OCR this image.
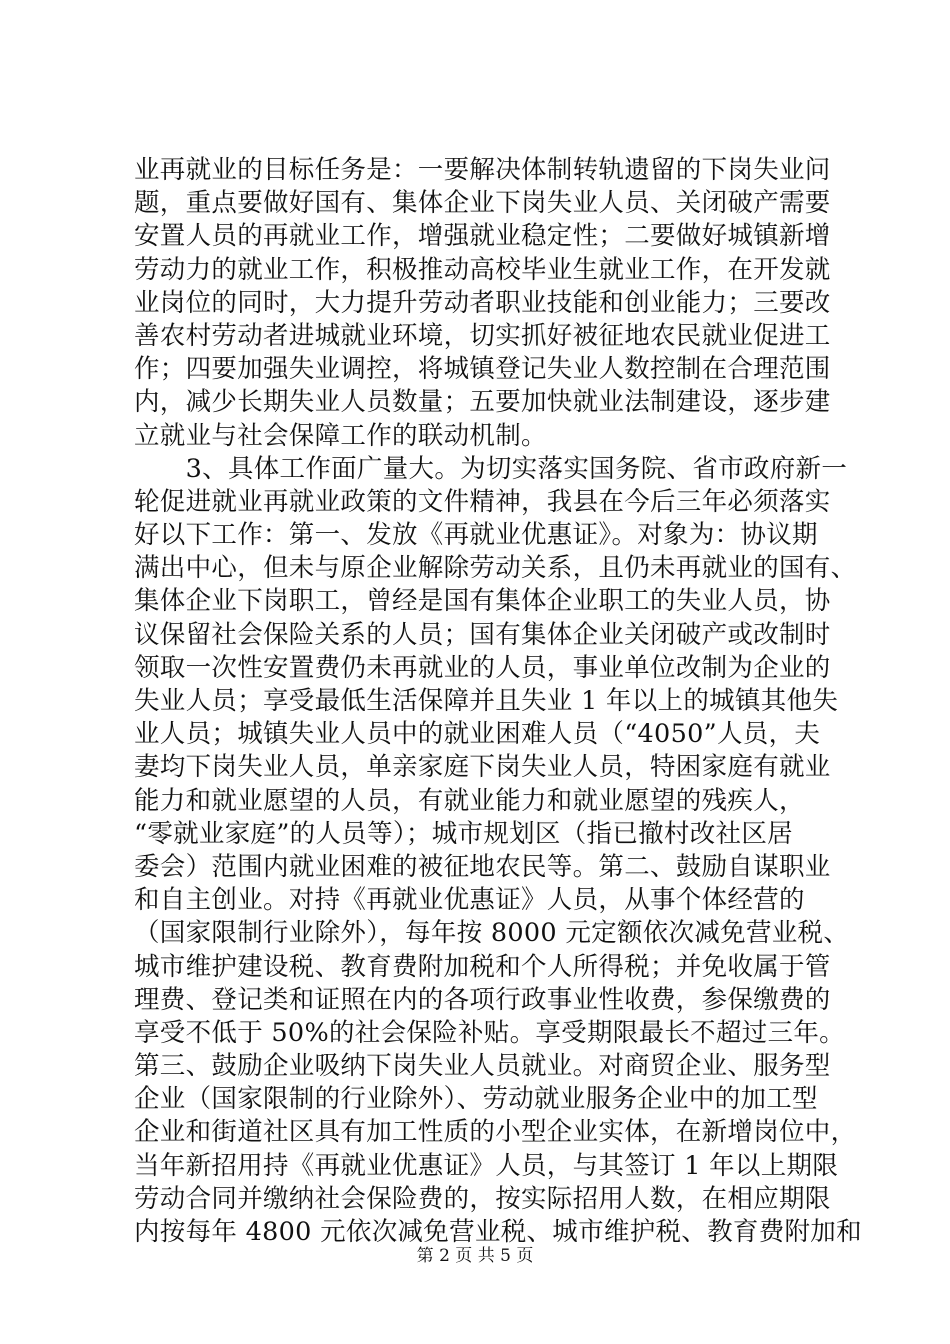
业再就业的目标任务是：一要解决体制转轨遗留的下岗失业问
题，重点要做好国有、集体企业下岗失业人员、关闭破产需要
安置人员的再就业工作，增强就业稳定性；二要做好城镇新增
劳动力的就业工作，积极推动高校毕业生就业工作，在开发就
业岗位的同时，大力提升劳动者职业技能和创业能力；三要改
善农村劳动者进城就业环境，切实抓好被征地农民就业促进工
作；四要加强失业调控，将城镇登记失业人数控制在合理范围
内，减少长期失业人员数量；五要加快就业法制建设，逐步建
立就业与社会保障工作的联动机制。
　　3、具体工作面广量大。为切实落实国务院、省市政府新一
轮促进就业再就业政策的文件精神，我县在今后三年必须落实
好以下工作：第一、发放《再就业优惠证》。对象为：协议期
满出中心，但未与原企业解除劳动关系，且仍未再就业的国有、
集体企业下岗职工，曾经是国有集体企业职工的失业人员，协
议保留社会保险关系的人员；国有集体企业关闭破产或改制时
领取一次性安置费仍未再就业的人员，事业单位改制为企业的
失业人员；享受最低生活保障并且失业 1 年以上的城镇其他失
业人员；城镇失业人员中的就业困难人员（“4050”人员，夫
妻均下岗失业人员，单亲家庭下岗失业人员，特困家庭有就业
能力和就业愿望的人员，有就业能力和就业愿望的残疾人，
“零就业家庭”的人员等）；城市规划区（指已撤村改社区居
委会）范围内就业困难的被征地农民等。第二、鼓励自谋职业
和自主创业。对持《再就业优惠证》人员，从事个体经营的
（国家限制行业除外），每年按 8000 元定额依次减免营业税、
城市维护建设税、教育费附加税和个人所得税；并免收属于管
理费、登记类和证照在内的各项行政事业性收费，参保缴费的
享受不低于 50%的社会保险补贴。享受期限最长不超过三年。
第三、鼓励企业吸纳下岗失业人员就业。对商贸企业、服务型
企业（国家限制的行业除外）、劳动就业服务企业中的加工型
企业和街道社区具有加工性质的小型企业实体，在新增岗位中，
当年新招用持《再就业优惠证》人员，与其签订 1 年以上期限
劳动合同并缴纳社会保险费的，按实际招用人数，在相应期限
内按每年 4800 元依次减免营业税、城市维护税、教育费附加和
第 2 页 共 5 页
